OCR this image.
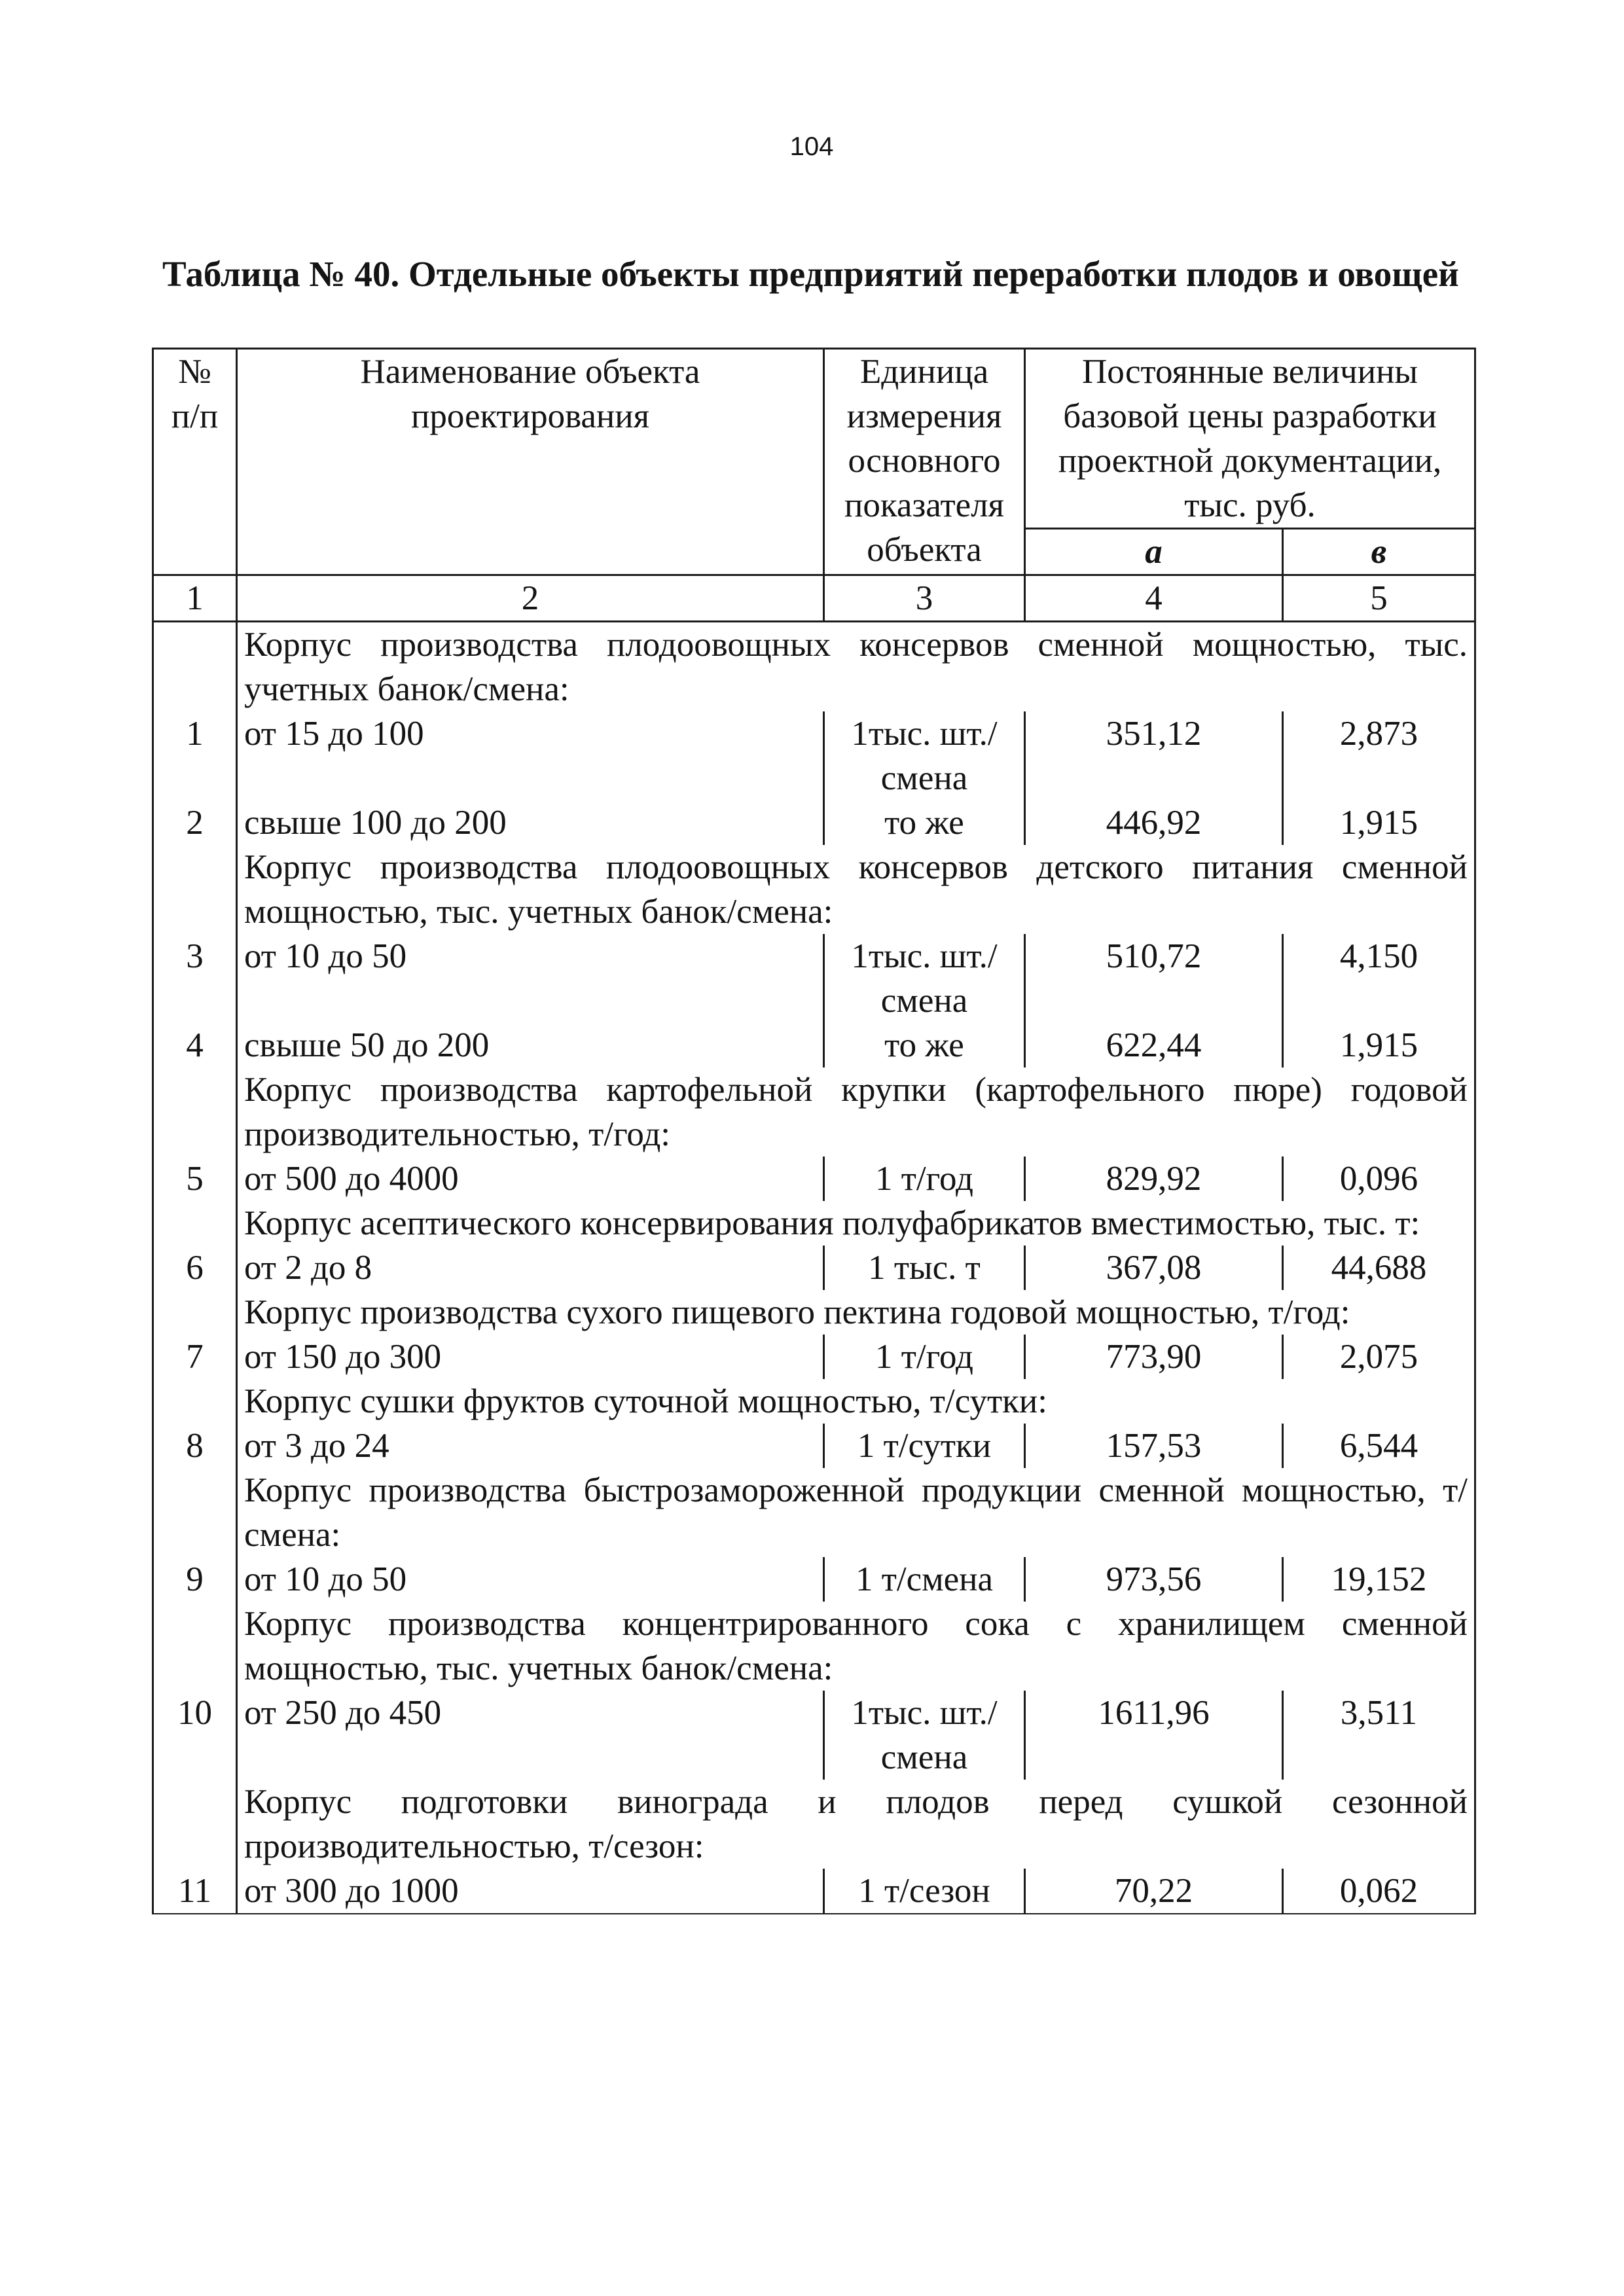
104
Таблица № 40. Отдельные объекты предприятий переработки плодов и овощей
№ п/п	Наименование объекта проектирования	Единица измерения основного показателя объекта	Постоянные величины базовой цены разработки проектной документации, тыс. руб.	
			а	в
1	2	3	4	5
	Корпус производства плодоовощных консервов сменной мощностью, тыс. учетных банок/смена:			
1	от 15 до 100	1тыс. шт./смена	351,12	2,873
2	свыше 100 до 200	то же	446,92	1,915
	Корпус производства плодоовощных консервов детского питания сменной мощностью, тыс. учетных банок/смена:			
3	от 10 до 50	1тыс. шт./смена	510,72	4,150
4	свыше 50 до 200	то же	622,44	1,915
	Корпус производства картофельной крупки (картофельного пюре) годовой производительностью, т/год:			
5	от 500 до 4000	1 т/год	829,92	0,096
	Корпус асептического консервирования полуфабрикатов вместимостью, тыс. т:			
6	от 2 до 8	1 тыс. т	367,08	44,688
	Корпус производства сухого пищевого пектина годовой мощностью, т/год:			
7	от 150 до 300	1 т/год	773,90	2,075
	Корпус сушки фруктов суточной мощностью, т/сутки:			
8	от 3 до 24	1 т/сутки	157,53	6,544
	Корпус производства быстрозамороженной продукции сменной мощностью, т/смена:			
9	от 10 до 50	1 т/смена	973,56	19,152
	Корпус производства концентрированного сока с хранилищем сменной мощностью, тыс. учетных банок/смена:			
10	от 250 до 450	1тыс. шт./смена	1611,96	3,511
	Корпус подготовки винограда и плодов перед сушкой сезонной производительностью, т/сезон:			
11	от 300 до 1000	1 т/сезон	70,22	0,062
